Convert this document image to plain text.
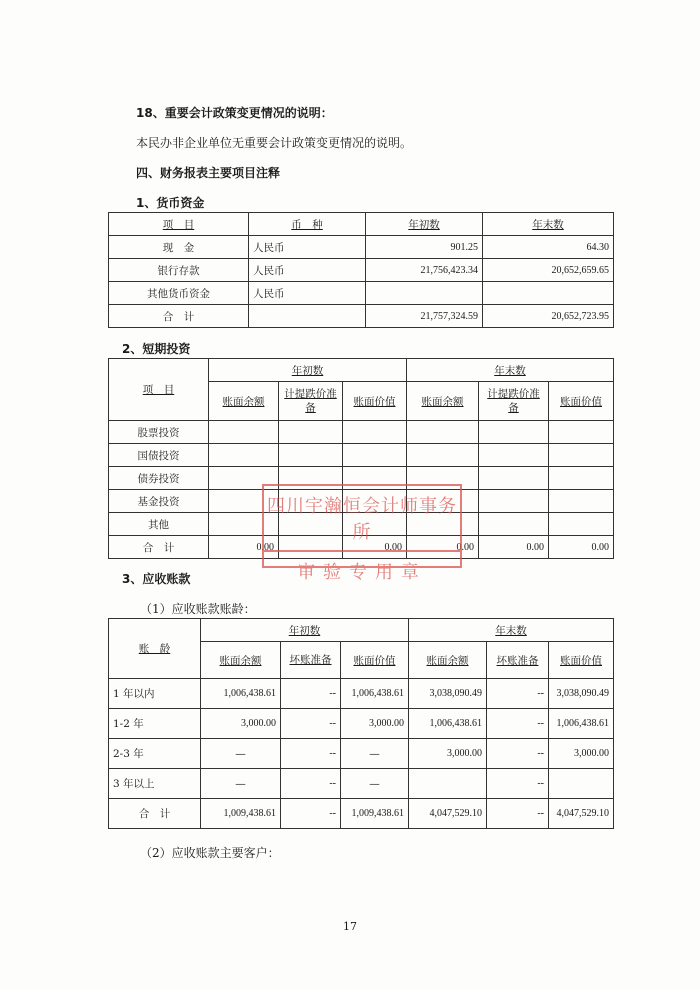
18、重要会计政策变更情况的说明：
本民办非企业单位无重要会计政策变更情况的说明。
四、财务报表主要项目注释
1、货币资金
项　目	币　种	年初数	年末数
现　金	人民币	901.25	64.30
银行存款	人民币	21,756,423.34	20,652,659.65
其他货币资金	人民币		
合　计		21,757,324.59	20,652,723.95
2、短期投资
项　目	年初数			年末数		
	账面余额	计提跌价准备	账面价值	账面余额	计提跌价准备	账面价值
股票投资						
国债投资						
债券投资						
基金投资						
其他						
合　计	0.00		0.00	0.00	0.00	0.00
3、应收账款
（1）应收账款账龄：
账　龄	年初数			年末数		
	账面余额	坏账准备	账面价值	账面余额	坏账准备	账面价值
1 年以内	1,006,438.61	--	1,006,438.61	3,038,090.49	--	3,038,090.49
1-2 年	3,000.00	--	3,000.00	1,006,438.61	--	1,006,438.61
2-3 年	—	--	—	3,000.00	--	3,000.00
3 年以上	—	--	—		--	
合　计	1,009,438.61	--	1,009,438.61	4,047,529.10	--	4,047,529.10
（2）应收账款主要客户：
四川宇瀚恒会计师事务所
审验专用章
17
